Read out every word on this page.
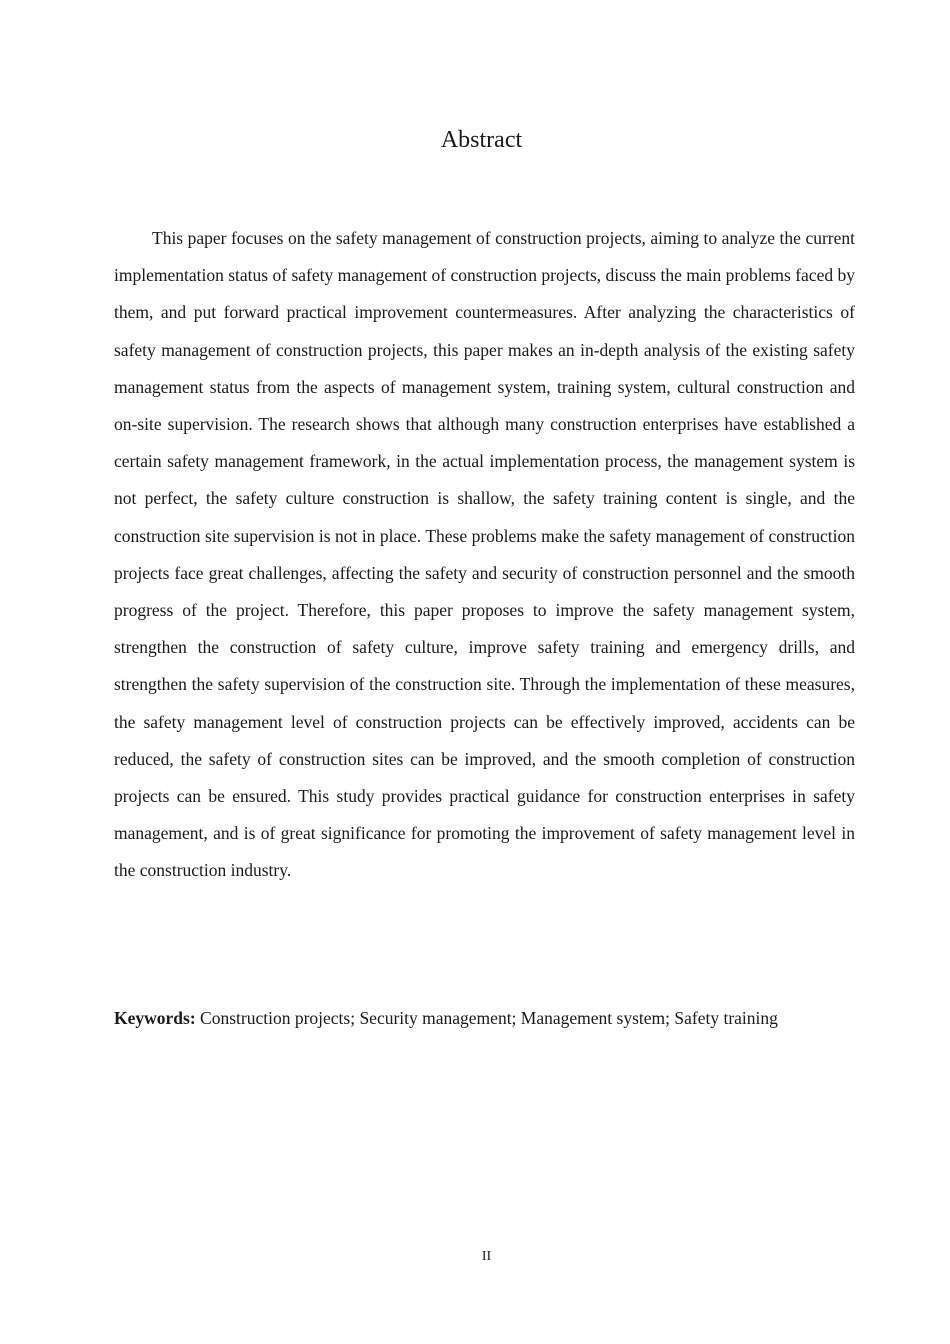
Abstract

This paper focuses on the safety management of construction projects, aiming to analyze the current implementation status of safety management of construction projects, discuss the main problems faced by them, and put forward practical improvement countermeasures. After analyzing the characteristics of safety management of construction projects, this paper makes an in-depth analysis of the existing safety management status from the aspects of management system, training system, cultural construction and on-site supervision. The research shows that although many construction enterprises have established a certain safety management framework, in the actual implementation process, the management system is not perfect, the safety culture construction is shallow, the safety training content is single, and the construction site supervision is not in place. These problems make the safety management of construction projects face great challenges, affecting the safety and security of construction personnel and the smooth progress of the project. Therefore, this paper proposes to improve the safety management system, strengthen the construction of safety culture, improve safety training and emergency drills, and strengthen the safety supervision of the construction site. Through the implementation of these measures, the safety management level of construction projects can be effectively improved, accidents can be reduced, the safety of construction sites can be improved, and the smooth completion of construction projects can be ensured. This study provides practical guidance for construction enterprises in safety management, and is of great significance for promoting the improvement of safety management level in the construction industry.

Keywords: Construction projects; Security management; Management system; Safety training

II
